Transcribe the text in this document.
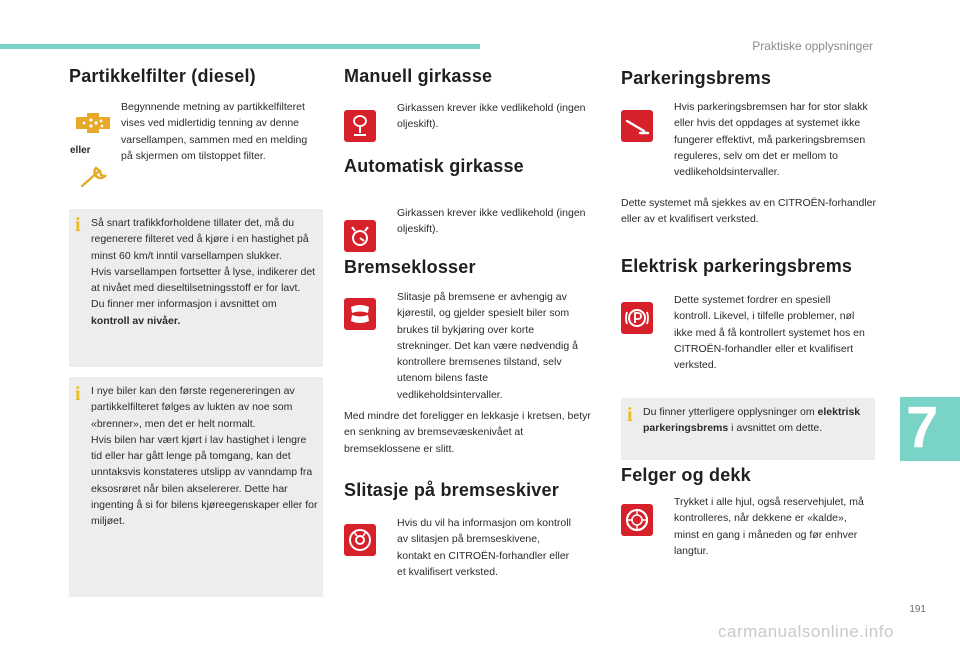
Praktiske opplysninger
Partikkelfilter (diesel)
eller
Begynnende metning av partikkelfilteret vises ved midlertidig tenning av denne varsellampen, sammen med en melding på skjermen om tilstoppet filter.
i Så snart trafikkforholdene tillater det, må du regenerere filteret ved å kjøre i en hastighet på minst 60 km/t inntil varsellampen slukker.
Hvis varsellampen fortsetter å lyse, indikerer det at nivået med dieseltilsetningsstoff er for lavt.
Du finner mer informasjon i avsnittet om kontroll av nivåer.
i I nye biler kan den første regenereringen av partikkelfilteret følges av lukten av noe som «brenner», men det er helt normalt.
Hvis bilen har vært kjørt i lav hastighet i lengre tid eller har gått lenge på tomgang, kan det unntaksvis konstateres utslipp av vanndamp fra eksosrøret når bilen akselererer. Dette har ingenting å si for bilens kjøreegenskaper eller for miljøet.
Manuell girkasse
Girkassen krever ikke vedlikehold (ingen oljeskift).
Automatisk girkasse
Girkassen krever ikke vedlikehold (ingen oljeskift).
Bremseklosser
Slitasje på bremsene er avhengig av kjørestil, og gjelder spesielt biler som brukes til bykjøring over korte strekninger. Det kan være nødvendig å kontrollere bremsenes tilstand, selv utenom bilens faste vedlikeholdsintervaller.
Med mindre det foreligger en lekkasje i kretsen, betyr en senkning av bremsevæskenivået at bremseklossene er slitt.
Slitasje på bremseskiver
Hvis du vil ha informasjon om kontroll av slitasjen på bremseskivene, kontakt en CITROËN-forhandler eller et kvalifisert verksted.
Parkeringsbrems
Hvis parkeringsbremsen har for stor slakk eller hvis det oppdages at systemet ikke fungerer effektivt, må parkeringsbremsen reguleres, selv om det er mellom to vedlikeholdsintervaller.
Dette systemet må sjekkes av en CITROËN-forhandler eller av et kvalifisert verksted.
Elektrisk parkeringsbrems
Dette systemet fordrer en spesiell kontroll. Likevel, i tilfelle problemer, nøl ikke med å få kontrollert systemet hos en CITROËN-forhandler eller et kvalifisert verksted.
i Du finner ytterligere opplysninger om elektrisk parkeringsbrems i avsnittet om dette.
Felger og dekk
Trykket i alle hjul, også reservehjulet, må kontrolleres, når dekkene er «kalde», minst en gang i måneden og før enhver langtur.
7
191
carmanualsonline.info
